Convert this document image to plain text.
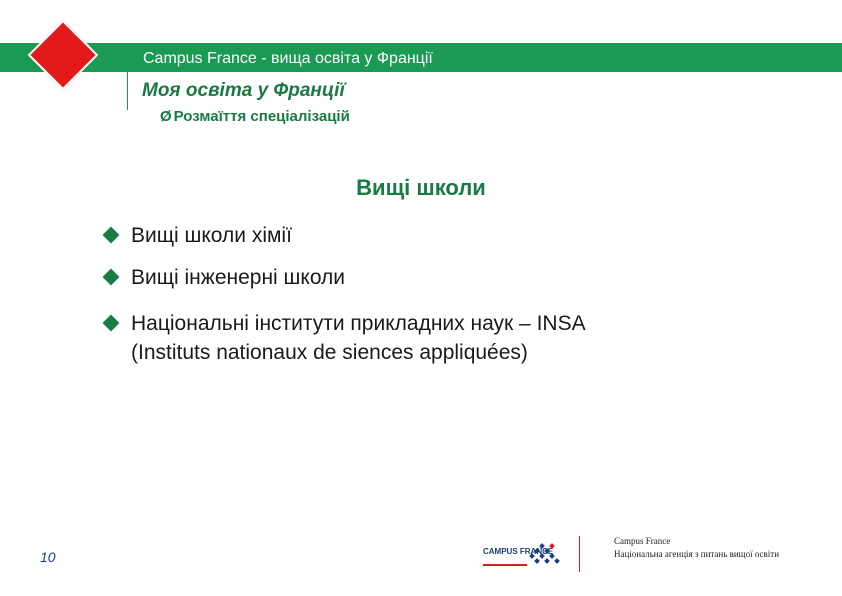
Campus France - вища освіта у Франції
Моя освіта у Франції
Ø Розмаїття спеціалізацій
Вищі школи
Вищі школи хімії
Вищі інженерні школи
Національні інститути прикладних наук – INSA
(Instituts nationaux de siences appliquées)
10	CAMPUS FRANCE
Campus France
Національна агенція з питань вищої освіти
